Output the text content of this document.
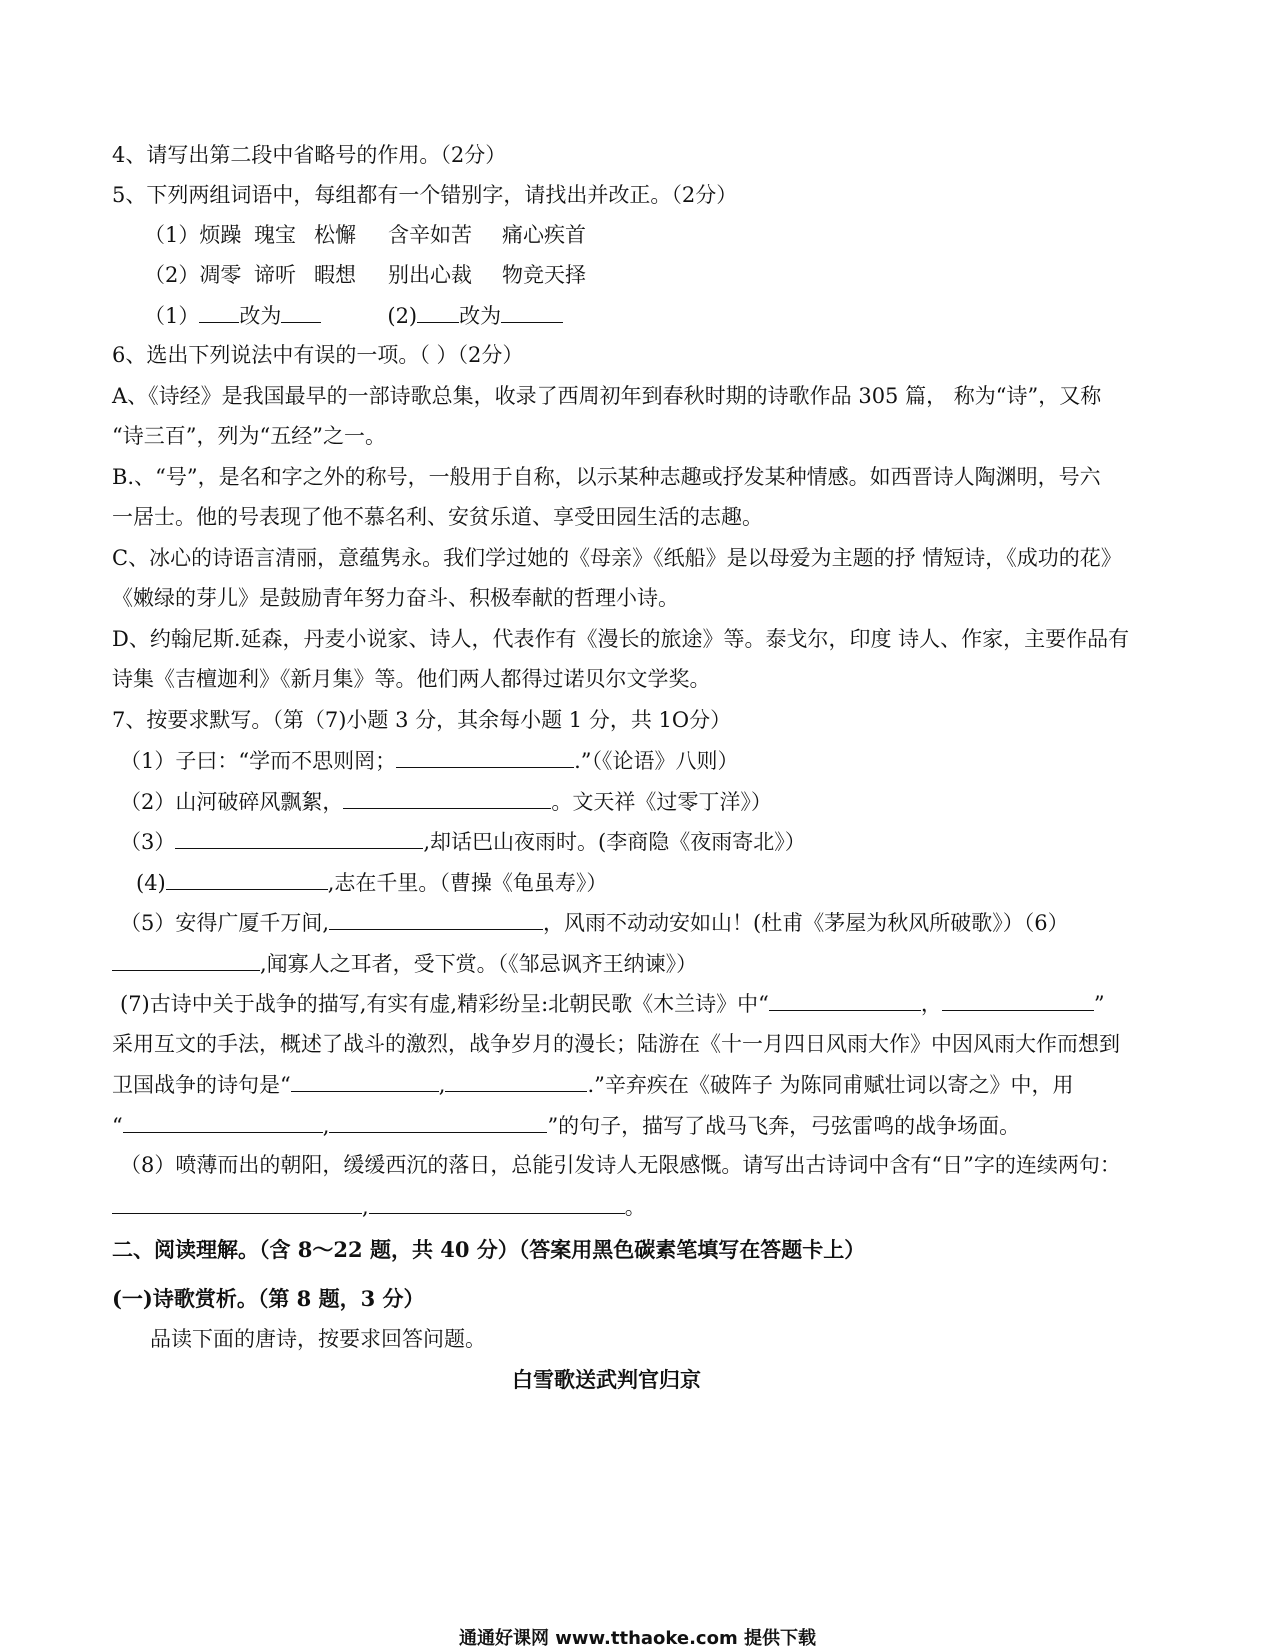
4、请写出第二段中省略号的作用。（2分）
5、下列两组词语中，每组都有一个错别字，请找出并改正。（2分）
（1）烦躁 瑰宝 松懈 含辛如苦 痛心疾首
（2）凋零 谛听 暇想 别出心裁 物竞天择
（1） 改为	(2) 改为
6、选出下列说法中有误的一项。（ ）（2分）
A、《诗经》是我国最早的一部诗歌总集，收录了西周初年到春秋时期的诗歌作品 305 篇， 称为“诗”，又称
“诗三百”，列为“五经”之一。
B.、“号”，是名和字之外的称号，一般用于自称，以示某种志趣或抒发某种情感。如西晋诗人陶渊明，号六
一居士。他的号表现了他不慕名利、安贫乐道、享受田园生活的志趣。
C、冰心的诗语言清丽，意蕴隽永。我们学过她的《母亲》《纸船》是以母爱为主题的抒 情短诗，《成功的花》
《嫩绿的芽儿》是鼓励青年努力奋斗、积极奉献的哲理小诗。
D、约翰尼斯.延森，丹麦小说家、诗人，代表作有《漫长的旅途》等。泰戈尔，印度 诗人、作家，主要作品有
诗集《吉檀迦利》《新月集》等。他们两人都得过诺贝尔文学奖。
7、按要求默写。（第（7)小题 3 分，其余每小题 1 分，共 1O分）
（1）子曰：“学而不思则罔；	.”（《论语》八则）
（2）山河破碎风飘絮，	。文天祥《过零丁洋》）
（3）	,却话巴山夜雨时。(李商隐《夜雨寄北》）
(4)	,志在千里。（曹操《龟虽寿》）
（5）安得广厦千万间,	，风雨不动动安如山！(杜甫《茅屋为秋风所破歌》）（6）
,闻寡人之耳者，受下赏。（《邹忌讽齐王纳谏》）
(7)古诗中关于战争的描写,有实有虚,精彩纷呈:北朝民歌《木兰诗》中“	，	”
采用互文的手法，概述了战斗的激烈，战争岁月的漫长；陆游在《十一月四日风雨大作》中因风雨大作而想到
卫国战争的诗句是“	,	.”辛弃疾在《破阵子 为陈同甫赋壮词以寄之》中，用
“	,	”的句子，描写了战马飞奔，弓弦雷鸣的战争场面。
（8）喷薄而出的朝阳，缓缓西沉的落日，总能引发诗人无限感慨。请写出古诗词中含有“日”字的连续两句：
,	。
二、阅读理解。（含 8～22 题，共 40 分）（答案用黑色碳素笔填写在答题卡上）
(一)诗歌赏析。（第 8 题，3 分）
品读下面的唐诗，按要求回答问题。
白雪歌送武判官归京
通通好课网 www.tthaoke.com 提供下载
